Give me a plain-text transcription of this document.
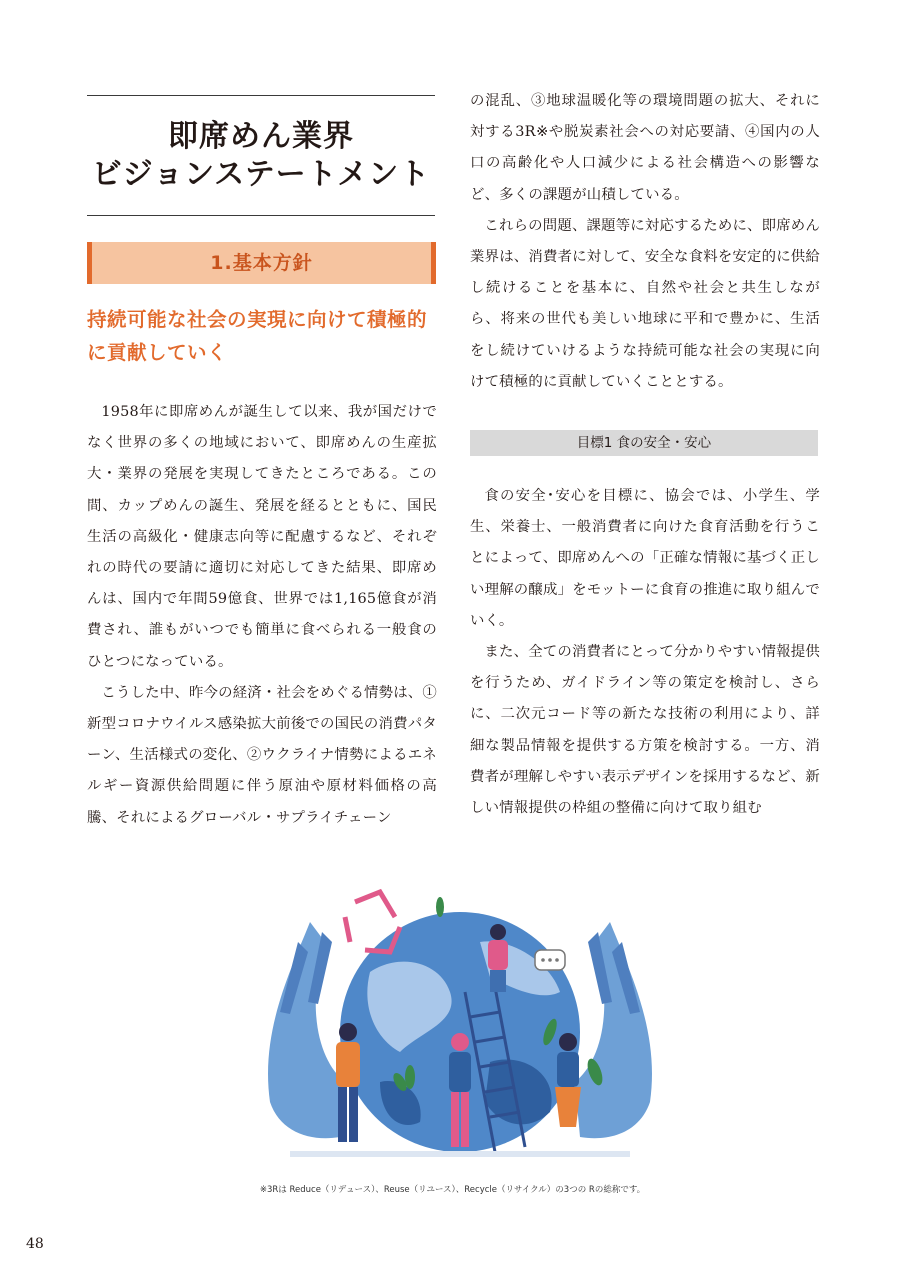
即席めん業界
ビジョンステートメント
1.基本方針
持続可能な社会の実現に向けて積極的に貢献していく

1958年に即席めんが誕生して以来、我が国だけでなく世界の多くの地域において、即席めんの生産拡大・業界の発展を実現してきたところである。この間、カップめんの誕生、発展を経るとともに、国民生活の高級化・健康志向等に配慮するなど、それぞれの時代の要請に適切に対応してきた結果、即席めんは、国内で年間59億食、世界では1,165億食が消費され、誰もがいつでも簡単に食べられる一般食のひとつになっている。

こうした中、昨今の経済・社会をめぐる情勢は、①新型コロナウイルス感染拡大前後での国民の消費パターン、生活様式の変化、②ウクライナ情勢によるエネルギー資源供給問題に伴う原油や原材料価格の高騰、それによるグローバル・サプライチェーン

の混乱、③地球温暖化等の環境問題の拡大、それに対する3R※や脱炭素社会への対応要請、④国内の人口の高齢化や人口減少による社会構造への影響など、多くの課題が山積している。

これらの問題、課題等に対応するために、即席めん業界は、消費者に対して、安全な食料を安定的に供給し続けることを基本に、自然や社会と共生しながら、将来の世代も美しい地球に平和で豊かに、生活をし続けていけるような持続可能な社会の実現に向けて積極的に貢献していくこととする。

目標1 食の安全・安心

食の安全･安心を目標に、協会では、小学生、学生、栄養士、一般消費者に向けた食育活動を行うことによって、即席めんへの「正確な情報に基づく正しい理解の醸成」をモットーに食育の推進に取り組んでいく。

また、全ての消費者にとって分かりやすい情報提供を行うため、ガイドライン等の策定を検討し、さらに、二次元コード等の新たな技術の利用により、詳細な製品情報を提供する方策を検討する。一方、消費者が理解しやすい表示デザインを採用するなど、新しい情報提供の枠組の整備に向けて取り組む

※3Rは Reduce（リデュース）、Reuse（リユース）、Recycle（リサイクル）の3つの Rの総称です。
48
